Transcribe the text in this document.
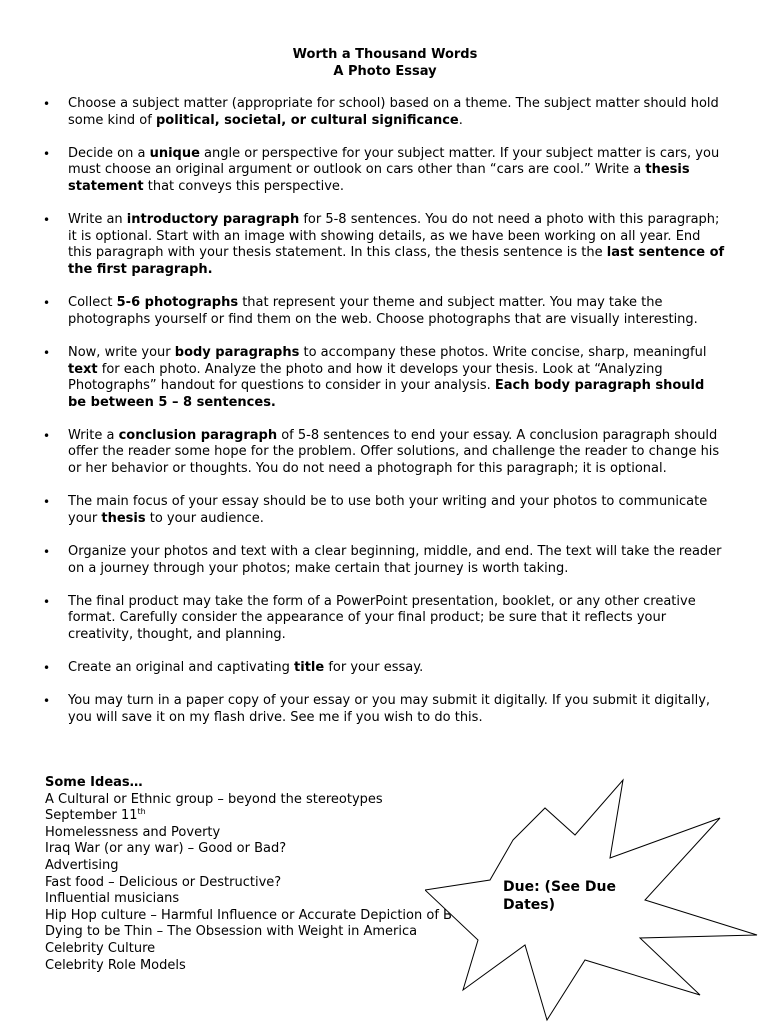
Worth a Thousand Words
A Photo Essay
• Choose a subject matter (appropriate for school) based on a theme. The subject matter should hold some kind of political, societal, or cultural significance.
• Decide on a unique angle or perspective for your subject matter. If your subject matter is cars, you must choose an original argument or outlook on cars other than “cars are cool.” Write a thesis statement that conveys this perspective.
• Write an introductory paragraph for 5-8 sentences. You do not need a photo with this paragraph; it is optional. Start with an image with showing details, as we have been working on all year. End this paragraph with your thesis statement. In this class, the thesis sentence is the last sentence of the first paragraph.
• Collect 5-6 photographs that represent your theme and subject matter. You may take the photographs yourself or find them on the web. Choose photographs that are visually interesting.
• Now, write your body paragraphs to accompany these photos. Write concise, sharp, meaningful text for each photo. Analyze the photo and how it develops your thesis. Look at “Analyzing Photographs” handout for questions to consider in your analysis. Each body paragraph should be between 5 – 8 sentences.
• Write a conclusion paragraph of 5-8 sentences to end your essay. A conclusion paragraph should offer the reader some hope for the problem. Offer solutions, and challenge the reader to change his or her behavior or thoughts. You do not need a photograph for this paragraph; it is optional.
• The main focus of your essay should be to use both your writing and your photos to communicate your thesis to your audience.
• Organize your photos and text with a clear beginning, middle, and end. The text will take the reader on a journey through your photos; make certain that journey is worth taking.
• The final product may take the form of a PowerPoint presentation, booklet, or any other creative format. Carefully consider the appearance of your final product; be sure that it reflects your creativity, thought, and planning.
• Create an original and captivating title for your essay.
• You may turn in a paper copy of your essay or you may submit it digitally. If you submit it digitally, you will save it on my flash drive. See me if you wish to do this.
Some Ideas…
A Cultural or Ethnic group – beyond the stereotypes
September 11th
Homelessness and Poverty
Iraq War (or any war) – Good or Bad?
Advertising
Fast food – Delicious or Destructive?
Influential musicians
Hip Hop culture – Harmful Influence or Accurate Depiction of B
Dying to be Thin – The Obsession with Weight in America
Celebrity Culture
Celebrity Role Models
Due: (See Due Dates)
